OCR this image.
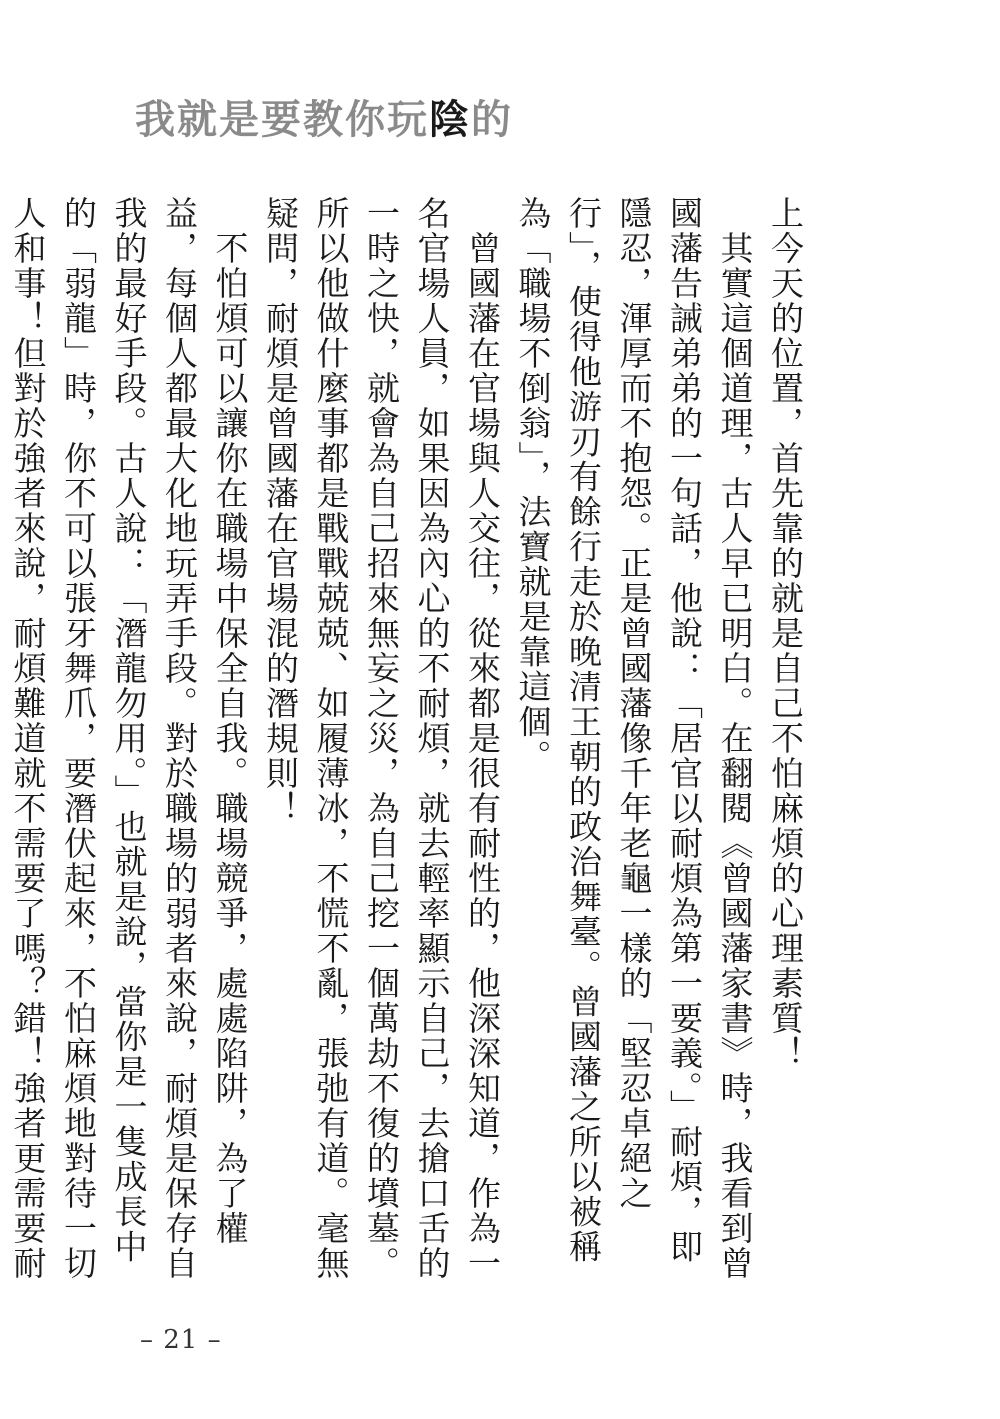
我就是要教你玩陰的

上今天的位置，首先靠的就是自己不怕麻煩的心理素質！

其實這個道理，古人早已明白。在翻閱《曾國藩家書》時，我看到曾國藩告誡弟弟的一句話，他說：「居官以耐煩為第一要義。」耐煩，即隱忍，渾厚而不抱怨。正是曾國藩像千年老龜一樣的「堅忍卓絕之行」，使得他游刃有餘行走於晚清王朝的政治舞臺。曾國藩之所以被稱為「職場不倒翁」，法寶就是靠這個。

曾國藩在官場與人交往，從來都是很有耐性的，他深深知道，作為一名官場人員，如果因為內心的不耐煩，就去輕率顯示自己，去搶口舌的一時之快，就會為自己招來無妄之災，為自己挖一個萬劫不復的墳墓。所以他做什麼事都是戰戰兢兢、如履薄冰，不慌不亂，張弛有道。毫無疑問，耐煩是曾國藩在官場混的潛規則！

不怕煩可以讓你在職場中保全自我。職場競爭，處處陷阱，為了權益，每個人都最大化地玩弄手段。對於職場的弱者來說，耐煩是保存自我的最好手段。古人說：「潛龍勿用。」也就是說，當你是一隻成長中的「弱龍」時，你不可以張牙舞爪，要潛伏起來，不怕麻煩地對待一切人和事！但對於強者來說，耐煩難道就不需要了嗎？錯！強者更需要耐

– 21 –
